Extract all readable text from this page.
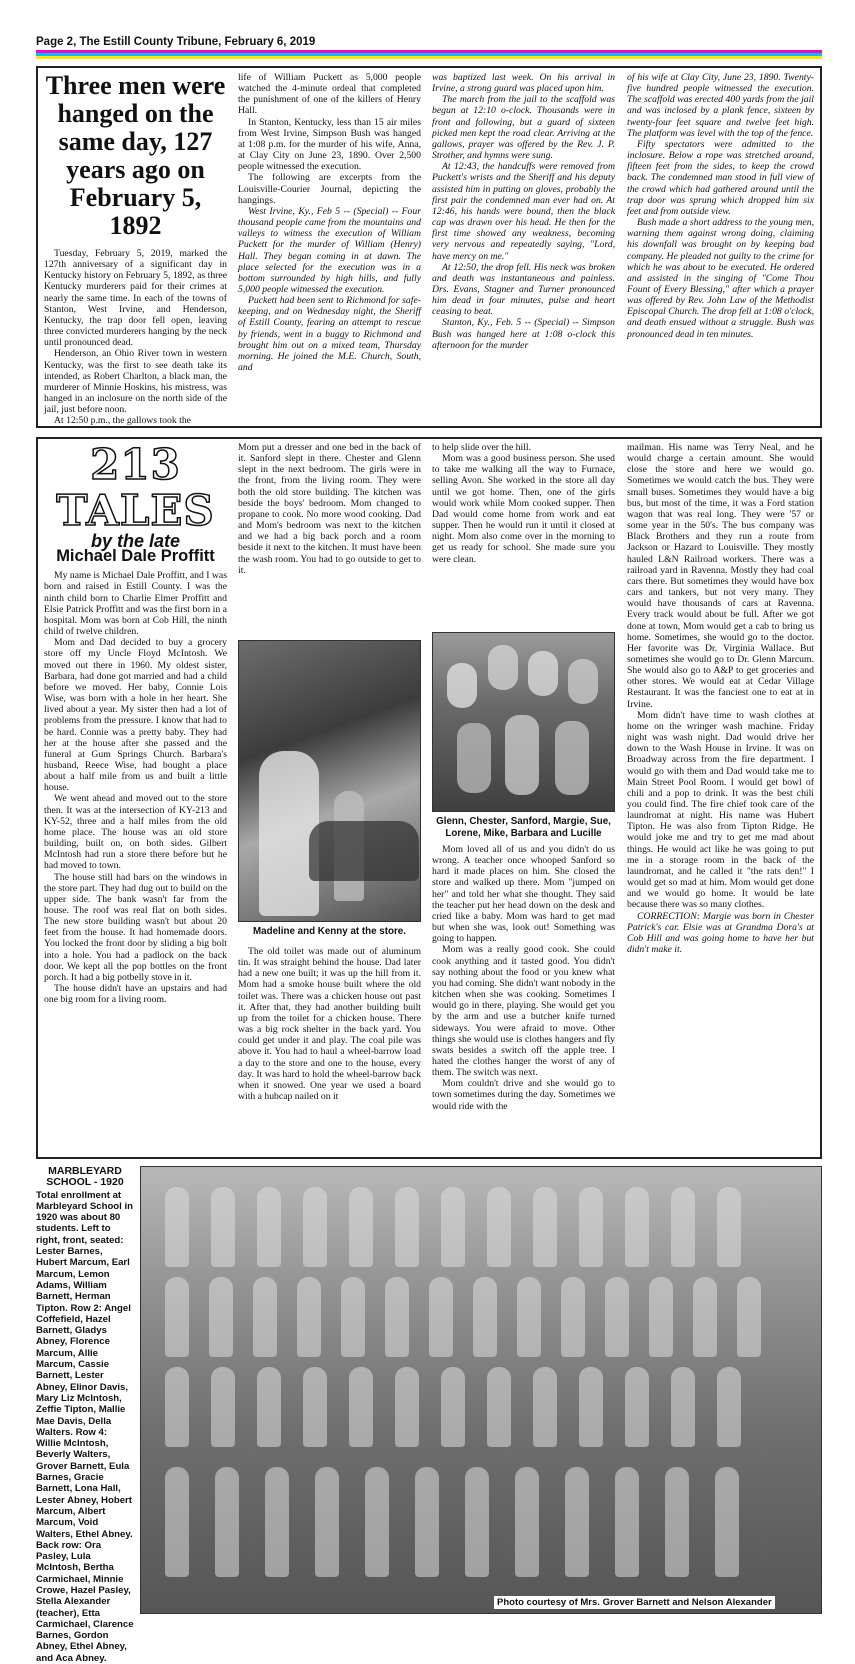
Page 2, The Estill County Tribune, February 6, 2019
Three men were hanged on the same day, 127 years ago on February 5, 1892

Tuesday, February 5, 2019, marked the 127th anniversary of a significant day in Kentucky history on February 5, 1892, as three Kentucky murderers paid for their crimes at nearly the same time. In each of the towns of Stanton, West Irvine, and Henderson, Kentucky, the trap door fell open, leaving three convicted murderers hanging by the neck until pronounced dead.

Henderson, an Ohio River town in western Kentucky, was the first to see death take its intended, as Robert Charlton, a black man, the murderer of Minnie Hoskins, his mistress, was hanged in an inclosure on the north side of the jail, just before noon.

At 12:50 p.m., the gallows took the

life of William Puckett as 5,000 people watched the 4-minute ordeal that completed the punishment of one of the killers of Henry Hall.

In Stanton, Kentucky, less than 15 air miles from West Irvine, Simpson Bush was hanged at 1:08 p.m. for the murder of his wife, Anna, at Clay City on June 23, 1890. Over 2,500 people witnessed the execution.

The following are excerpts from the Louisville-Courier Journal, depicting the hangings.

West Irvine, Ky., Feb 5 -- (Special) -- Four thousand people came from the mountains and valleys to witness the execution of William Puckett for the murder of William (Henry) Hall. They began coming in at dawn. The place selected for the execution was in a bottom surrounded by high hills, and fully 5,000 people witnessed the execution.

Puckett had been sent to Richmond for safe-keeping, and on Wednesday night, the Sheriff of Estill County, fearing an attempt to rescue by friends, went in a buggy to Richmond and brought him out on a mixed team, Thursday morning. He joined the M.E. Church, South, and

was baptized last week. On his arrival in Irvine, a strong guard was placed upon him.

The march from the jail to the scaffold was begun at 12:10 o-clock. Thousands were in front and following, but a guard of sixteen picked men kept the road clear. Arriving at the gallows, prayer was offered by the Rev. J. P. Strother, and hymns were sung.

At 12:43, the handcuffs were removed from Puckett's wrists and the Sheriff and his deputy assisted him in putting on gloves, probably the first pair the condemned man ever had on. At 12:46, his hands were bound, then the black cap was drawn over his head. He then for the first time showed any weakness, becoming very nervous and repeatedly saying, "Lord, have mercy on me."

At 12:50, the drop fell. His neck was broken and death was instantaneous and painless. Drs. Evans, Stagner and Turner pronounced him dead in four minutes, pulse and heart ceasing to beat.

Stanton, Ky., Feb. 5 -- (Special) -- Simpson Bush was hanged here at 1:08 o-clock this afternoon for the murder

of his wife at Clay City, June 23, 1890. Twenty-five hundred people witnessed the execution. The scaffold was erected 400 yards from the jail and was inclosed by a plank fence, sixteen by twenty-four feet square and twelve feet high. The platform was level with the top of the fence.

Fifty spectators were admitted to the inclosure. Below a rope was stretched around, fifteen feet from the sides, to keep the crowd back. The condemned man stood in full view of the crowd which had gathered around until the trap door was sprung which dropped him six feet and from outside view.

Bush made a short address to the young men, warning them against wrong doing, claiming his downfall was brought on by keeping bad company. He pleaded not guilty to the crime for which he was about to be executed. He ordered and assisted in the singing of "Come Thou Fount of Every Blessing," after which a prayer was offered by Rev. John Law of the Methodist Episcopal Church. The drop fell at 1:08 o'clock, and death ensued without a struggle. Bush was pronounced dead in ten minutes.

213 TALES
by the late
Michael Dale Proffitt

My name is Michael Dale Proffitt, and I was born and raised in Estill County. I was the ninth child born to Charlie Elmer Proffitt and Elsie Patrick Proffitt and was the first born in a hospital. Mom was born at Cob Hill, the ninth child of twelve children.

Mom and Dad decided to buy a grocery store off my Uncle Floyd McIntosh. We moved out there in 1960. My oldest sister, Barbara, had done got married and had a child before we moved. Her baby, Connie Lois Wise, was born with a hole in her heart. She lived about a year. My sister then had a lot of problems from the pressure. I know that had to be hard. Connie was a pretty baby. They had her at the house after she passed and the funeral at Gum Springs Church. Barbara's husband, Reece Wise, had bought a place about a half mile from us and built a little house.

We went ahead and moved out to the store then. It was at the intersection of KY-213 and KY-52, three and a half miles from the old home place. The house was an old store building, built on, on both sides. Gilbert McIntosh had run a store there before but he had moved to town.

The house still had bars on the windows in the store part. They had dug out to build on the upper side. The bank wasn't far from the house. The roof was real flat on both sides. The new store building wasn't but about 20 feet from the house. It had homemade doors. You locked the front door by sliding a big bolt into a hole. You had a padlock on the back door. We kept all the pop bottles on the front porch. It had a big potbelly stove in it.

The house didn't have an upstairs and had one big room for a living room.

Mom put a dresser and one bed in the back of it. Sanford slept in there. Chester and Glenn slept in the next bedroom. The girls were in the front, from the living room. They were both the old store building. The kitchen was beside the boys' bedroom. Mom changed to propane to cook. No more wood cooking. Dad and Mom's bedroom was next to the kitchen and we had a big back porch and a room beside it next to the kitchen. It must have been the wash room. You had to go outside to get to it.

Madeline and Kenny at the store.

The old toilet was made out of aluminum tin. It was straight behind the house. Dad later had a new one built; it was up the hill from it. Mom had a smoke house built where the old toilet was. There was a chicken house out past it. After that, they had another building built up from the toilet for a chicken house. There was a big rock shelter in the back yard. You could get under it and play. The coal pile was above it. You had to haul a wheel-barrow load a day to the store and one to the house, every day. It was hard to hold the wheel-barrow back when it snowed. One year we used a board with a hubcap nailed on it

to help slide over the hill.

Mom was a good business person. She used to take me walking all the way to Furnace, selling Avon. She worked in the store all day until we got home. Then, one of the girls would work while Mom cooked supper. Then Dad would come home from work and eat supper. Then he would run it until it closed at night. Mom also come over in the morning to get us ready for school. She made sure you were clean.

Glenn, Chester, Sanford, Margie, Sue, Lorene, Mike, Barbara and Lucille

Mom loved all of us and you didn't do us wrong. A teacher once whooped Sanford so hard it made places on him. She closed the store and walked up there. Mom "jumped on her" and told her what she thought. They said the teacher put her head down on the desk and cried like a baby. Mom was hard to get mad but when she was, look out! Something was going to happen.

Mom was a really good cook. She could cook anything and it tasted good. You didn't say nothing about the food or you knew what you had coming. She didn't want nobody in the kitchen when she was cooking. Sometimes I would go in there, playing. She would get you by the arm and use a butcher knife turned sideways. You were afraid to move. Other things she would use is clothes hangers and fly swats besides a switch off the apple tree. I hated the clothes hanger the worst of any of them. The switch was next.

Mom couldn't drive and she would go to town sometimes during the day. Sometimes we would ride with the

mailman. His name was Terry Neal, and he would charge a certain amount. She would close the store and here we would go. Sometimes we would catch the bus. They were small buses. Sometimes they would have a big bus, but most of the time, it was a Ford station wagon that was real long. They were '57 or some year in the 50's. The bus company was Black Brothers and they run a route from Jackson or Hazard to Louisville. They mostly hauled L&N Railroad workers. There was a railroad yard in Ravenna. Mostly they had coal cars there. But sometimes they would have box cars and tankers, but not very many. They would have thousands of cars at Ravenna. Every track would about be full. After we got done at town, Mom would get a cab to bring us home. Sometimes, she would go to the doctor. Her favorite was Dr. Virginia Wallace. But sometimes she would go to Dr. Glenn Marcum. She would also go to A&P to get groceries and other stores. We would eat at Cedar Village Restaurant. It was the fanciest one to eat at in Irvine.

Mom didn't have time to wash clothes at home on the wringer wash machine. Friday night was wash night. Dad would drive her down to the Wash House in Irvine. It was on Broadway across from the fire department. I would go with them and Dad would take me to Main Street Pool Room. I would get bowl of chili and a pop to drink. It was the best chili you could find. The fire chief took care of the laundromat at night. His name was Hubert Tipton. He was also from Tipton Ridge. He would joke me and try to get me mad about things. He would act like he was going to put me in a storage room in the back of the laundromat, and he called it "the rats den!" I would get so mad at him. Mom would get done and we would go home. It would be late because there was so many clothes.

CORRECTION: Margie was born in Chester Patrick's car. Elsie was at Grandma Dora's at Cob Hill and was going home to have her but didn't make it.

MARBLEYARD SCHOOL - 1920
Total enrollment at Marbleyard School in 1920 was about 80 students. Left to right, front, seated: Lester Barnes, Hubert Marcum, Earl Marcum, Lemon Adams, William Barnett, Herman Tipton. Row 2: Angel Coffefield, Hazel Barnett, Gladys Abney, Florence Marcum, Allie Marcum, Cassie Barnett, Lester Abney, Elinor Davis, Mary Liz McIntosh, Zeffie Tipton, Mallie Mae Davis, Della Walters. Row 4: Willie McIntosh, Beverly Walters, Grover Barnett, Eula Barnes, Gracie Barnett, Lona Hall, Lester Abney, Hobert Marcum, Albert Marcum, Void Walters, Ethel Abney. Back row: Ora Pasley, Lula McIntosh, Bertha Carmichael, Minnie Crowe, Hazel Pasley, Stella Alexander (teacher), Etta Carmichael, Clarence Barnes, Gordon Abney, Ethel Abney, and Aca Abney.
Photo courtesy of Mrs. Grover Barnett and Nelson Alexander
